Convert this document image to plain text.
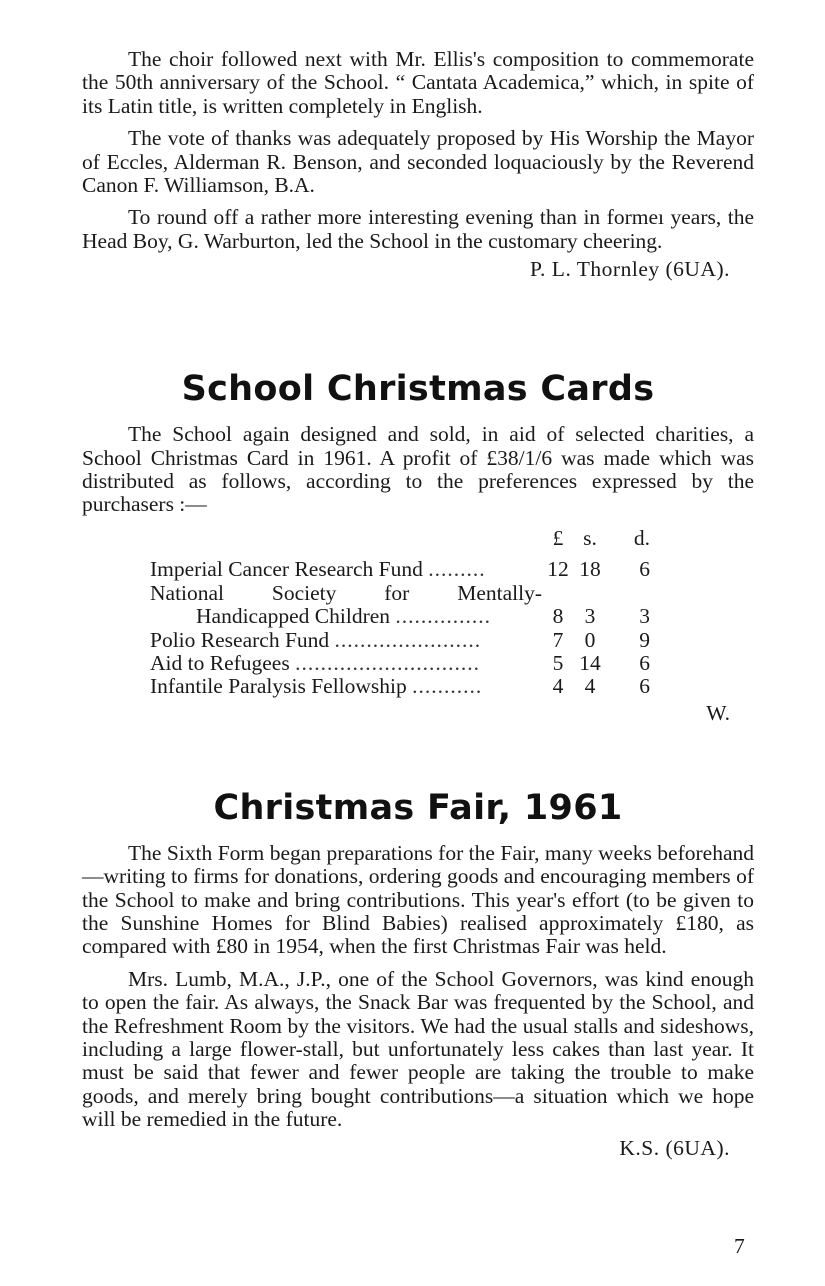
The choir followed next with Mr. Ellis's composition to commemorate the 50th anniversary of the School. “ Cantata Academica,” which, in spite of its Latin title, is written completely in English.

The vote of thanks was adequately proposed by His Worship the Mayor of Eccles, Alderman R. Benson, and seconded loquaciously by the Reverend Canon F. Williamson, B.A.

To round off a rather more interesting evening than in formeı years, the Head Boy, G. Warburton, led the School in the customary cheering.

P. L. Thornley (6UA).
School Christmas Cards

The School again designed and sold, in aid of selected charities, a School Christmas Card in 1961. A profit of £38/1/6 was made which was distributed as follows, according to the preferences expressed by the purchasers :—

	£	s.	d.

Imperial Cancer Research Fund .........	12	18	6

National Society for Mentally-
Handicapped Children ...............	8	3	3
Polio Research Fund .......................	7	0	9
Aid to Refugees .............................	5	14	6
Infantile Paralysis Fellowship ...........	4	4	6
W.
Christmas Fair, 1961

The Sixth Form began preparations for the Fair, many weeks beforehand—writing to firms for donations, ordering goods and encouraging members of the School to make and bring contributions. This year's effort (to be given to the Sunshine Homes for Blind Babies) realised approximately £180, as compared with £80 in 1954, when the first Christmas Fair was held.

Mrs. Lumb, M.A., J.P., one of the School Governors, was kind enough to open the fair. As always, the Snack Bar was frequented by the School, and the Refreshment Room by the visitors. We had the usual stalls and sideshows, including a large flower-stall, but unfortunately less cakes than last year. It must be said that fewer and fewer people are taking the trouble to make goods, and merely bring bought contributions—a situation which we hope will be remedied in the future.

K.S. (6UA).
7
